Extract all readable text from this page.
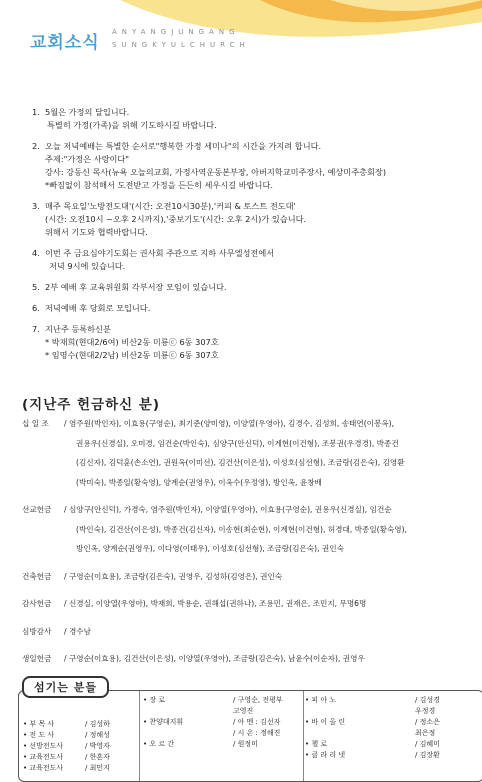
교회소식
ANYANGJUNGANG
SUNGKYULCHURCH
1. 5월은 가정의 달입니다.
특별히 가정(가족)을 위해 기도하시길 바랍니다.
2. 오늘 저녁예배는 특별한 순서로"행복한 가정 세미나"의 시간을 가지려 합니다.
주제:"가정은 사랑이다"
강사: 강동신 목사(뉴욕 오늘의교회, 가정사역운동본부장, 아버지학교미주장사, 예상미주총회장)
*빠짐없이 참석해서 도전받고 가정을 든든히 세우시길 바랍니다.
3. 매주 목요일'노방전도대'(시간: 오전10시30분),'커피 & 토스트 전도대'
(시간: 오전10시 ~오후 2시까지),'중보기도'(시간: 오후 2시)가 있습니다.
위해서 기도와 협력바랍니다.
4. 이번 주 금요심야기도회는 권사회 주관으로 지하 사무엘성전에서
저녁 9시에 있습니다.
5. 2부 예배 후 교육위원회 각부서장 모임이 있습니다.
6. 저녁예배 후 당회로 모입니다.
7. 지난주 등록하신분
* 박재희(현대2/6여) 비산2동 미룡ⓒ 6동 307호
* 임명수(현대2/2남) 비산2동 미룡ⓒ 6동 307호
(지난주 헌금하신 분)
십 일 조	/ 염주원(박인자), 이효용(구영순), 최기준(양미영), 이양열(우영아), 김경수, 김성희, 송태연(이봉옥),
권용우(신경실), 오미경, 임건순(박인숙), 심양구(안신덕), 이계현(이건형), 조봉권(우경경), 박종건
(김신자), 김덕훈(손소연), 권원옥(이미선), 김건산(이은성), 이성호(심선형), 조금랑(김은숙), 김영환
(박미숙), 박종일(황숙영), 양계순(권영우), 이옥수(우정영), 방인옥, 윤창배
선교헌금	/ 심양구(안신덕), 가경숙, 염주원(박인자), 이양열(우영아), 이효용(구영순), 권용우(신경실), 임건순
(박인숙), 김건산(이은성), 박종건(김신자), 이송현(최순현), 이계현(이건형), 허경대, 박종일(황숙영),
방인옥, 양계순(권영우), 이다영(이태우), 이성호(심선형), 조금랑(김은숙), 권인숙
건축헌금	/ 구영순(이효용), 조금랑(김은숙), 권영우, 김성하(김영은), 권인숙
감사헌금	/ 신경실, 이양열(우영아), 박재희, 박용순, 권해섭(권하나), 조용민, 권재은, 조민지, 무명6명
심방감사	/ 경수남
생일헌금	/ 구영순(이효용), 김건산(이은성), 이양열(우영아), 조금랑(김은숙), 남윤수(이순자), 권영우
섬기는 분들
• 부 목 사	/ 김성하
• 전 도 사	/ 정해성
• 선방전도사	/ 박영자
• 교육전도사	/ 한혼자
• 교육전도사	/ 최민지
• 장 로	/ 구영순, 전평부
고영진
• 찬양대지휘	/ 아 멘 : 김선자
/ 시 온 : 정해진
• 오 르 간	/ 원정미
• 피 아 노	/ 김성경
우정경
• 바 이 올 린	/ 정소은
최은정
• 첼 로	/ 김혜미
• 클 라 리 넷	/ 김장환
